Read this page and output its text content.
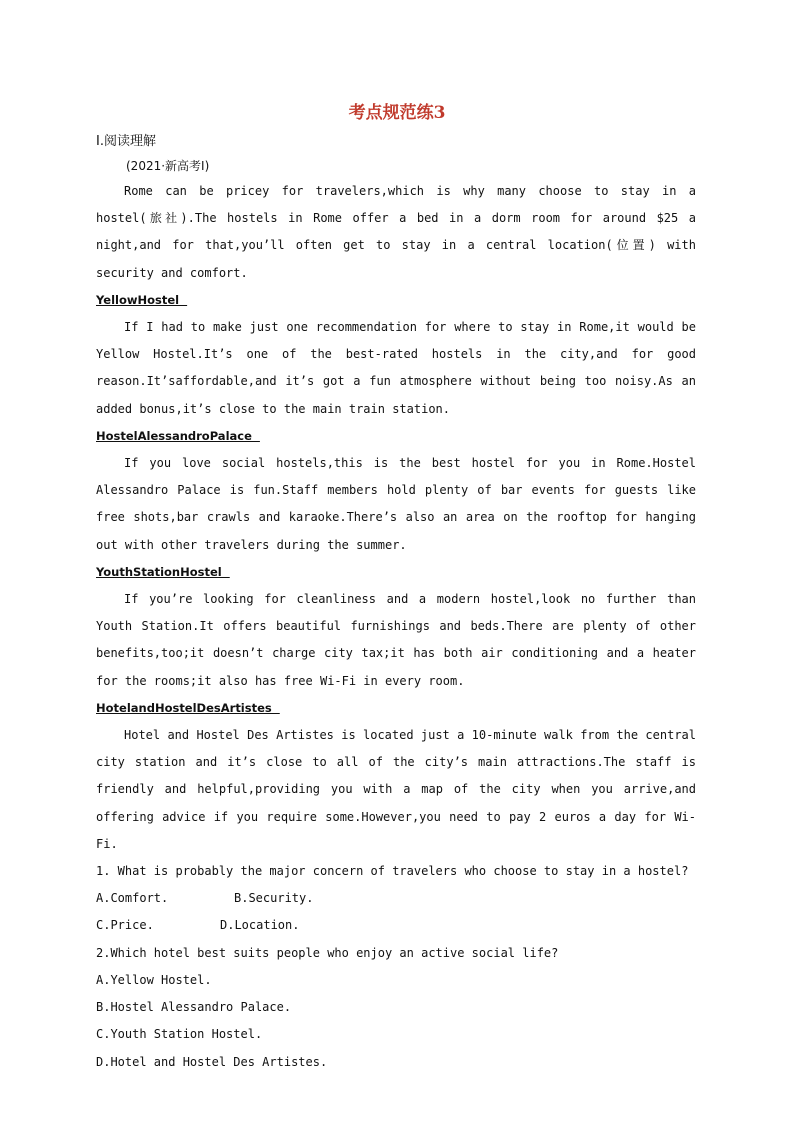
考点规范练3

Ⅰ.阅读理解

(2021·新高考Ⅰ)

Rome can be pricey for travelers,which is why many choose to stay in a hostel(旅社).The hostels in Rome offer a bed in a dorm room for around $25 a night,and for that,you’ll often get to stay in a central location(位置) with security and comfort.

YellowHostel

If I had to make just one recommendation for where to stay in Rome,it would be Yellow Hostel.It’s one of the best-rated hostels in the city,and for good reason.It’saffordable,and it’s got a fun atmosphere without being too noisy.As an added bonus,it’s close to the main train station.

HostelAlessandroPalace

If you love social hostels,this is the best hostel for you in Rome.Hostel Alessandro Palace is fun.Staff members hold plenty of bar events for guests like free shots,bar crawls and karaoke.There’s also an area on the rooftop for hanging out with other travelers during the summer.

YouthStationHostel

If you’re looking for cleanliness and a modern hostel,look no further than Youth Station.It offers beautiful furnishings and beds.There are plenty of other benefits,too;it doesn’t charge city tax;it has both air conditioning and a heater for the rooms;it also has free Wi-Fi in every room.

HotelandHostelDesArtistes

Hotel and Hostel Des Artistes is located just a 10-minute walk from the central city station and it’s close to all of the city’s main attractions.The staff is friendly and helpful,providing you with a map of the city when you arrive,and offering advice if you require some.However,you need to pay 2 euros a day for Wi-Fi.

1. What is probably the major concern of travelers who choose to stay in a hostel?

A.Comfort.	B.Security.
C.Price.	D.Location.

2.Which hotel best suits people who enjoy an active social life?

A.Yellow Hostel.

B.Hostel Alessandro Palace.

C.Youth Station Hostel.

D.Hotel and Hostel Des Artistes.
